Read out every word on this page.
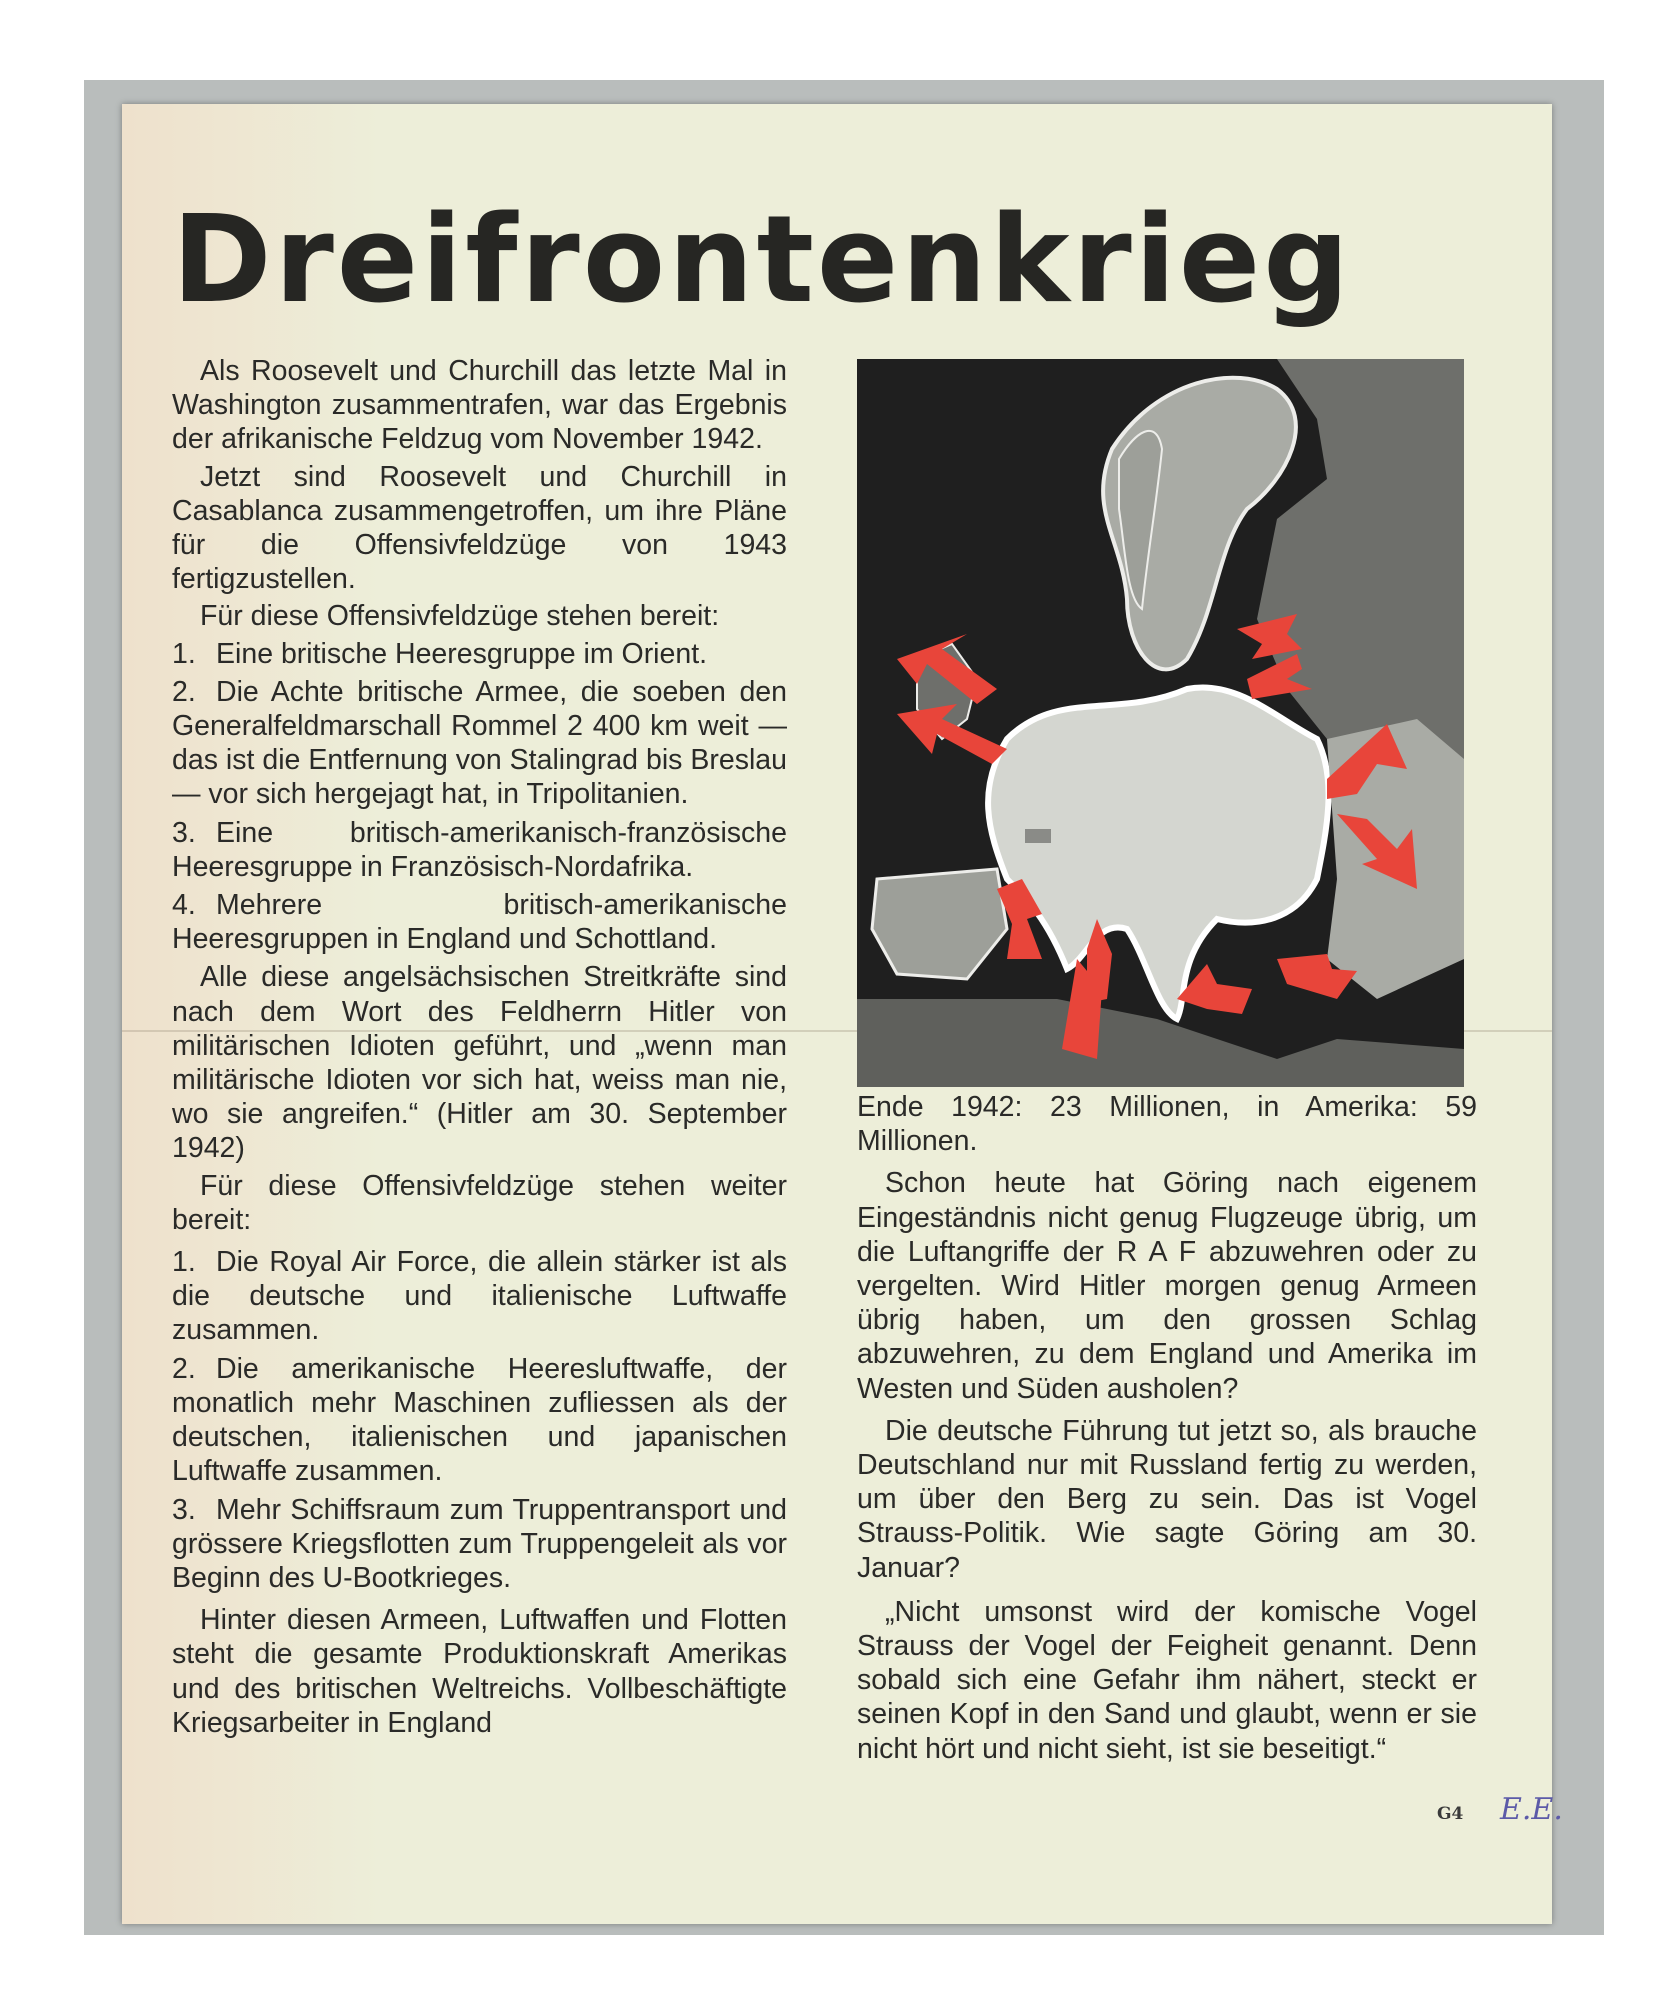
Dreifrontenkrieg

Als Roosevelt und Churchill das letzte Mal in Washington zusammentrafen, war das Ergebnis der afrikanische Feldzug vom November 1942.

Jetzt sind Roosevelt und Churchill in Casablanca zusammengetroffen, um ihre Pläne für die Offensivfeldzüge von 1943 fertigzustellen.

Für diese Offensivfeldzüge stehen bereit:

1. Eine britische Heeresgruppe im Orient.

2. Die Achte britische Armee, die soeben den Generalfeldmarschall Rommel 2 400 km weit — das ist die Entfernung von Stalingrad bis Breslau — vor sich hergejagt hat, in Tripolitanien.

3. Eine britisch-amerikanisch-französische Heeresgruppe in Französisch-Nordafrika.

4. Mehrere britisch-amerikanische Heeresgruppen in England und Schottland.

Alle diese angelsächsischen Streitkräfte sind nach dem Wort des Feldherrn Hitler von militärischen Idioten geführt, und „wenn man militärische Idioten vor sich hat, weiss man nie, wo sie angreifen.“ (Hitler am 30. September 1942)

Für diese Offensivfeldzüge stehen weiter bereit:

1. Die Royal Air Force, die allein stärker ist als die deutsche und italienische Luftwaffe zusammen.

2. Die amerikanische Heeresluftwaffe, der monatlich mehr Maschinen zufliessen als der deutschen, italienischen und japanischen Luftwaffe zusammen.

3. Mehr Schiffsraum zum Truppentransport und grössere Kriegsflotten zum Truppengeleit als vor Beginn des U-Bootkrieges.

Hinter diesen Armeen, Luftwaffen und Flotten steht die gesamte Produktionskraft Amerikas und des britischen Weltreichs. Vollbeschäftigte Kriegsarbeiter in England

Ende 1942: 23 Millionen, in Amerika: 59 Millionen.

Schon heute hat Göring nach eigenem Eingeständnis nicht genug Flugzeuge übrig, um die Luftangriffe der R A F abzuwehren oder zu vergelten. Wird Hitler morgen genug Armeen übrig haben, um den grossen Schlag abzuwehren, zu dem England und Amerika im Westen und Süden ausholen?

Die deutsche Führung tut jetzt so, als brauche Deutschland nur mit Russland fertig zu werden, um über den Berg zu sein. Das ist Vogel Strauss-Politik. Wie sagte Göring am 30. Januar?

„Nicht umsonst wird der komische Vogel Strauss der Vogel der Feigheit genannt. Denn sobald sich eine Gefahr ihm nähert, steckt er seinen Kopf in den Sand und glaubt, wenn er sie nicht hört und nicht sieht, ist sie beseitigt.“

G4 E.E.
